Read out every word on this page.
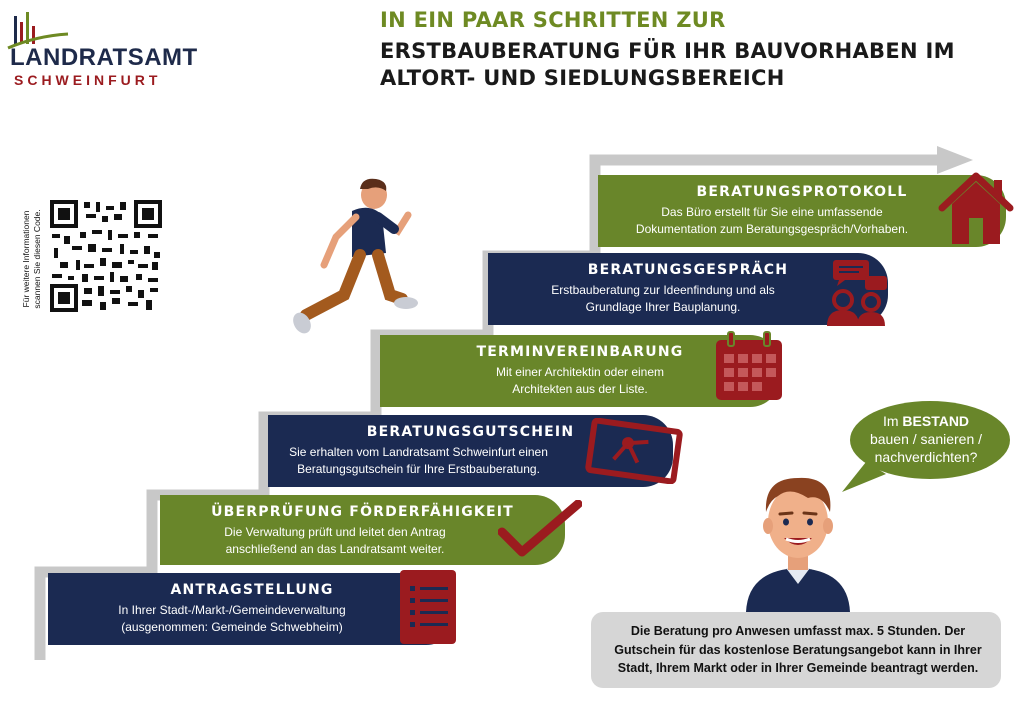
LANDRATSAMT
SCHWEINFURT
IN EIN PAAR SCHRITTEN ZUR
ERSTBAUBERATUNG FÜR IHR BAUVORHABEN IM ALTORT- UND SIEDLUNGSBEREICH
Für weitere Informationen scannen Sie diesen Code.
ANTRAGSTELLUNG
In Ihrer Stadt-/Markt-/Gemeindeverwaltung (ausgenommen: Gemeinde Schwebheim)
ÜBERPRÜFUNG FÖRDERFÄHIGKEIT
Die Verwaltung prüft und leitet den Antrag anschließend an das Landratsamt weiter.
BERATUNGSGUTSCHEIN
Sie erhalten vom Landratsamt Schweinfurt einen Beratungsgutschein für Ihre Erstbauberatung.
TERMINVEREINBARUNG
Mit einer Architektin oder einem Architekten aus der Liste.
BERATUNGSGESPRÄCH
Erstbauberatung zur Ideenfindung und als Grundlage Ihrer Bauplanung.
BERATUNGSPROTOKOLL
Das Büro erstellt für Sie eine umfassende Dokumentation zum Beratungsgespräch/Vorhaben.
Im BESTAND
bauen / sanieren / nachverdichten?
Die Beratung pro Anwesen umfasst max. 5 Stunden. Der Gutschein für das kostenlose Beratungsangebot kann in Ihrer Stadt, Ihrem Markt oder in Ihrer Gemeinde beantragt werden.
